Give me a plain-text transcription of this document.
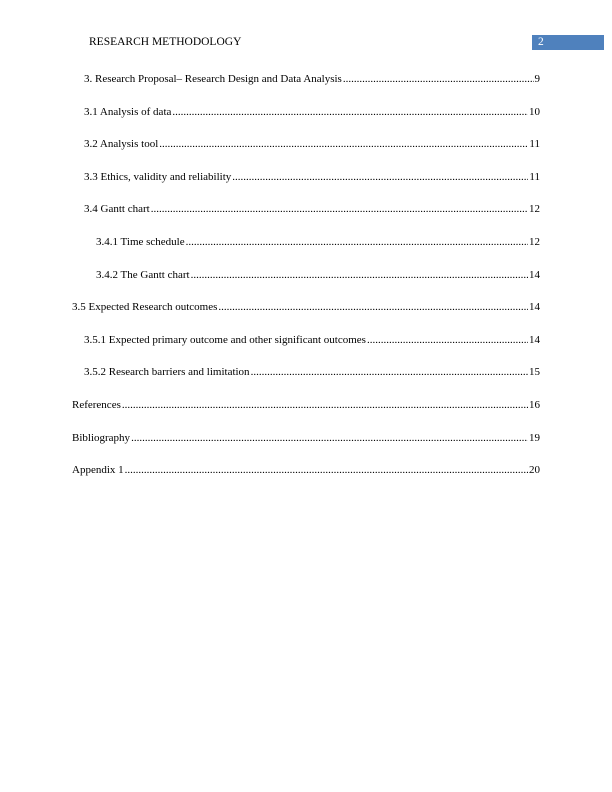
RESEARCH METHODOLOGY	2
3. Research Proposal– Research Design and Data Analysis .....	9
3.1 Analysis of data .....	10
3.2 Analysis tool .....	11
3.3 Ethics, validity and reliability .....	11
3.4 Gantt chart .....	12
3.4.1 Time schedule .....	12
3.4.2 The Gantt chart .....	14
3.5 Expected Research outcomes .....	14
3.5.1 Expected primary outcome and other significant outcomes .....	14
3.5.2 Research barriers and limitation .....	15
References .....	16
Bibliography .....	19
Appendix 1 .....	20
